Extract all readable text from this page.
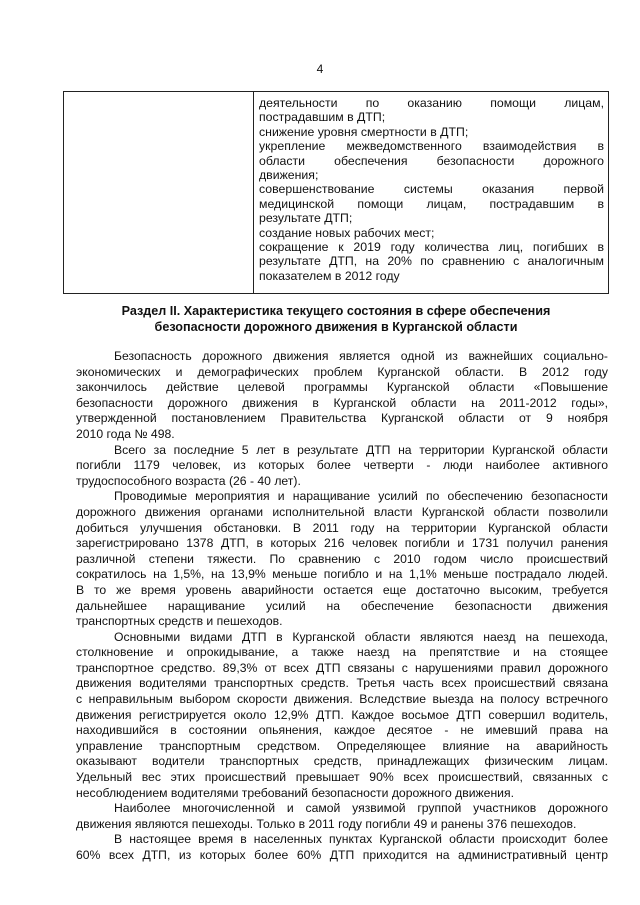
4
деятельности по оказанию помощи лицам,
пострадавшим в ДТП;
снижение уровня смертности в ДТП;
укрепление межведомственного взаимодействия в
области обеспечения безопасности дорожного
движения;
совершенствование системы оказания первой
медицинской помощи лицам, пострадавшим в
результате ДТП;
создание новых рабочих мест;
сокращение к 2019 году количества лиц, погибших в
результате ДТП, на 20% по сравнению с аналогичным
показателем в 2012 году
Раздел II. Характеристика текущего состояния в сфере обеспечения
безопасности дорожного движения в Курганской области
Безопасность дорожного движения является одной из важнейших социально-
экономических и демографических проблем Курганской области. В 2012 году
закончилось действие целевой программы Курганской области «Повышение
безопасности дорожного движения в Курганской области на 2011-2012 годы»,
утвержденной постановлением Правительства Курганской области от 9 ноября
2010 года № 498.
Всего за последние 5 лет в результате ДТП на территории Курганской области
погибли 1179 человек, из которых более четверти - люди наиболее активного
трудоспособного возраста (26 - 40 лет).
Проводимые мероприятия и наращивание усилий по обеспечению безопасности
дорожного движения органами исполнительной власти Курганской области позволили
добиться улучшения обстановки. В 2011 году на территории Курганской области
зарегистрировано 1378 ДТП, в которых 216 человек погибли и 1731 получил ранения
различной степени тяжести. По сравнению с 2010 годом число происшествий
сократилось на 1,5%, на 13,9% меньше погибло и на 1,1% меньше пострадало людей.
В то же время уровень аварийности остается еще достаточно высоким, требуется
дальнейшее наращивание усилий на обеспечение безопасности движения
транспортных средств и пешеходов.
Основными видами ДТП в Курганской области являются наезд на пешехода,
столкновение и опрокидывание, а также наезд на препятствие и на стоящее
транспортное средство. 89,3% от всех ДТП связаны с нарушениями правил дорожного
движения водителями транспортных средств. Третья часть всех происшествий связана
с неправильным выбором скорости движения. Вследствие выезда на полосу встречного
движения регистрируется около 12,9% ДТП. Каждое восьмое ДТП совершил водитель,
находившийся в состоянии опьянения, каждое десятое - не имевший права на
управление транспортным средством. Определяющее влияние на аварийность
оказывают водители транспортных средств, принадлежащих физическим лицам.
Удельный вес этих происшествий превышает 90% всех происшествий, связанных с
несоблюдением водителями требований безопасности дорожного движения.
Наиболее многочисленной и самой уязвимой группой участников дорожного
движения являются пешеходы. Только в 2011 году погибли 49 и ранены 376 пешеходов.
В настоящее время в населенных пунктах Курганской области происходит более
60% всех ДТП, из которых более 60% ДТП приходится на административный центр
